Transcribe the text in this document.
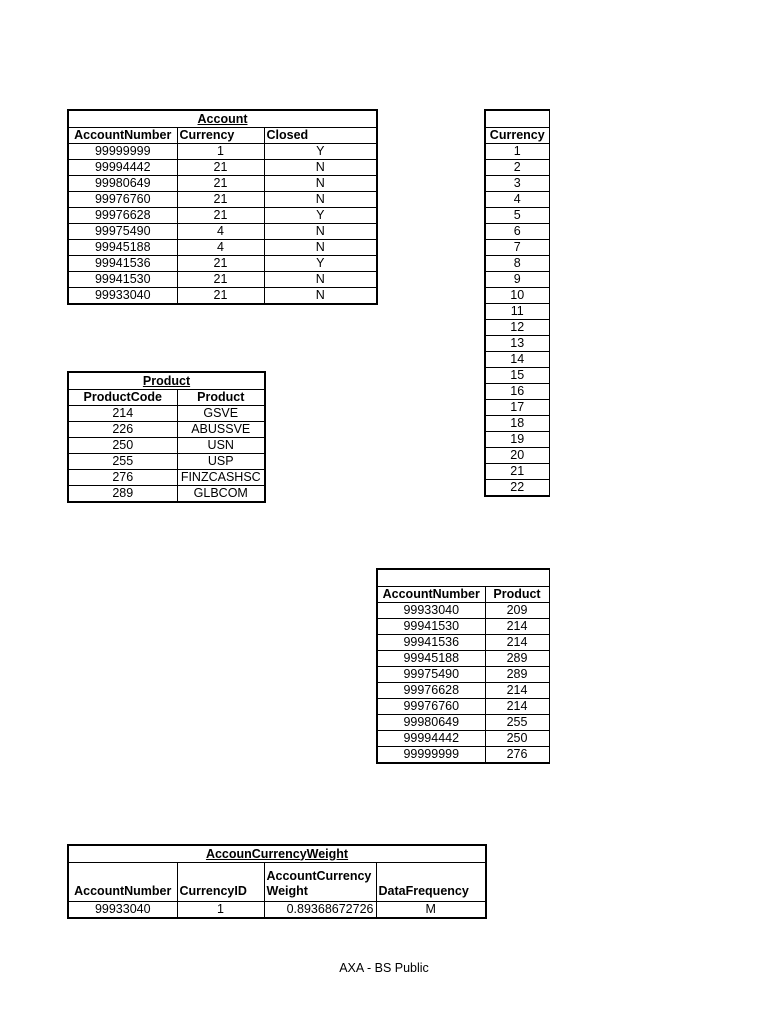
Account		
AccountNumber	Currency	Closed
99999999	1	Y
99994442	21	N
99980649	21	N
99976760	21	N
99976628	21	Y
99975490	4	N
99945188	4	N
99941536	21	Y
99941530	21	N
99933040	21	N

Currency
1
2
3
4
5
6
7
8
9
10
11
12
13
14
15
16
17
18
19
20
21
22
Product	
ProductCode	Product
214	GSVE
226	ABUSSVE
250	USN
255	USP
276	FINZCASHSC
289	GLBCOM

AccountNumber	Product
99933040	209
99941530	214
99941536	214
99945188	289
99975490	289
99976628	214
99976760	214
99980649	255
99994442	250
99999999	276
AccounCurrencyWeight			
AccountNumber	CurrencyID	AccountCurrency Weight	DataFrequency
99933040	1	0.89368672726	M
AXA - BS Public
